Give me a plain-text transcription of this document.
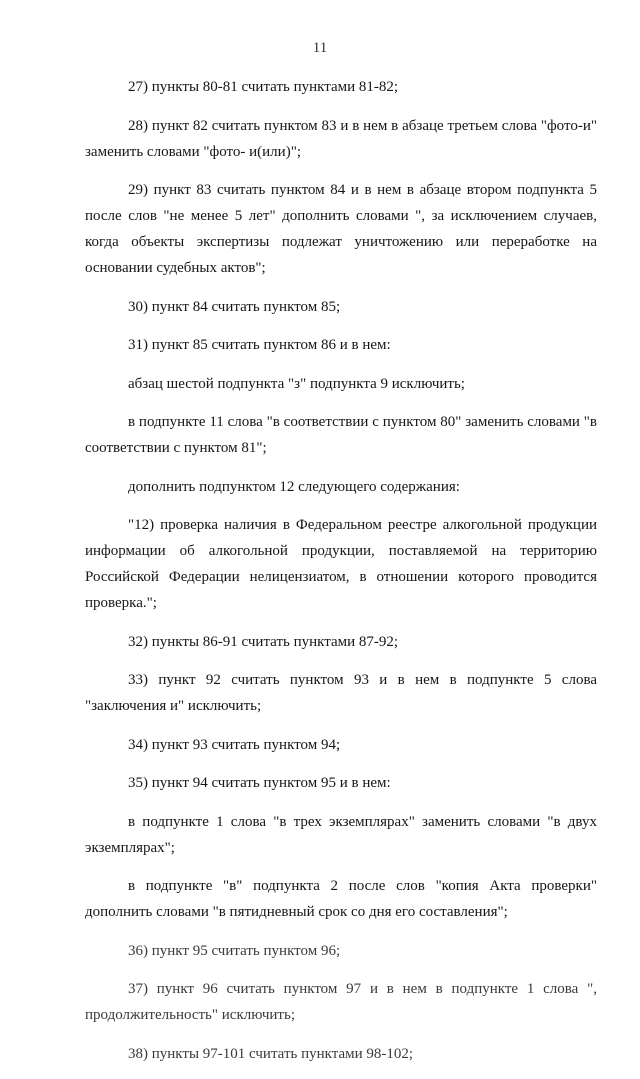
11

27) пункты 80-81 считать пунктами 81-82;

28) пункт 82 считать пунктом 83 и в нем в абзаце третьем слова "фото-и" заменить словами "фото- и(или)";

29) пункт 83 считать пунктом 84 и в нем в абзаце втором подпункта 5 после слов "не менее 5 лет" дополнить словами ", за исключением случаев, когда объекты экспертизы подлежат уничтожению или переработке на основании судебных актов";

30) пункт 84 считать пунктом 85;

31) пункт 85 считать пунктом 86 и в нем:

абзац шестой подпункта "з" подпункта 9 исключить;

в подпункте 11 слова "в соответствии с пунктом 80" заменить словами "в соответствии с пунктом 81";

дополнить подпунктом 12 следующего содержания:

"12) проверка наличия в Федеральном реестре алкогольной продукции информации об алкогольной продукции, поставляемой на территорию Российской Федерации нелицензиатом, в отношении которого проводится проверка.";

32) пункты 86-91 считать пунктами 87-92;

33) пункт 92 считать пунктом 93 и в нем в подпункте 5 слова "заключения и" исключить;

34) пункт 93 считать пунктом 94;

35) пункт 94 считать пунктом 95 и в нем:

в подпункте 1 слова "в трех экземплярах" заменить словами "в двух экземплярах";

в подпункте "в" подпункта 2 после слов "копия Акта проверки" дополнить словами "в пятидневный срок со дня его составления";

36) пункт 95 считать пунктом 96;

37) пункт 96 считать пунктом 97 и в нем в подпункте 1 слова ", продолжительность" исключить;

38) пункты 97-101 считать пунктами 98-102;
